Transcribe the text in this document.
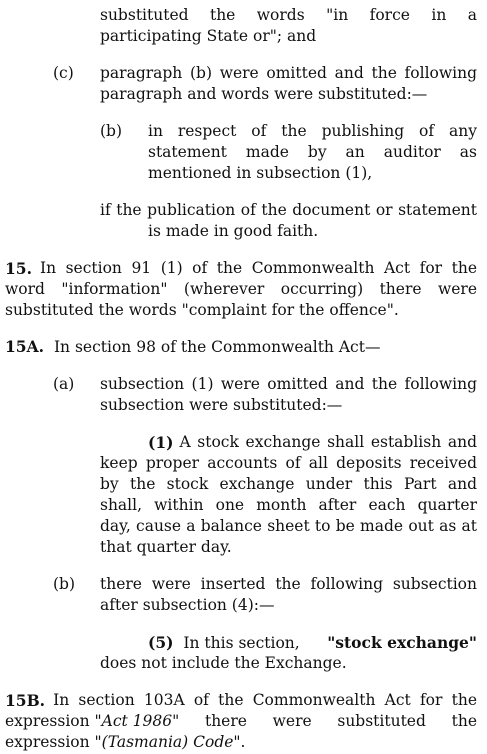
substituted the words "in force in a
participating State or"; and
(c) paragraph (b) were omitted and the following
paragraph and words were substituted:—
(b) in respect of the publishing of any
statement made by an auditor as
mentioned in subsection (1),
if the publication of the document or statement
is made in good faith.
15. In section 91 (1) of the Commonwealth Act for the
word "information" (wherever occurring) there were
substituted the words "complaint for the offence".
15A. In section 98 of the Commonwealth Act—
(a) subsection (1) were omitted and the following
subsection were substituted:—
(1) A stock exchange shall establish and
keep proper accounts of all deposits received
by the stock exchange under this Part and
shall, within one month after each quarter
day, cause a balance sheet to be made out as at
that quarter day.
(b) there were inserted the following subsection
after subsection (4):—
(5) In this section, "stock exchange"
does not include the Exchange.
15B. In section 103A of the Commonwealth Act for the
expression " Act 1986 " there were substituted the
expression "(Tasmania) Code".
